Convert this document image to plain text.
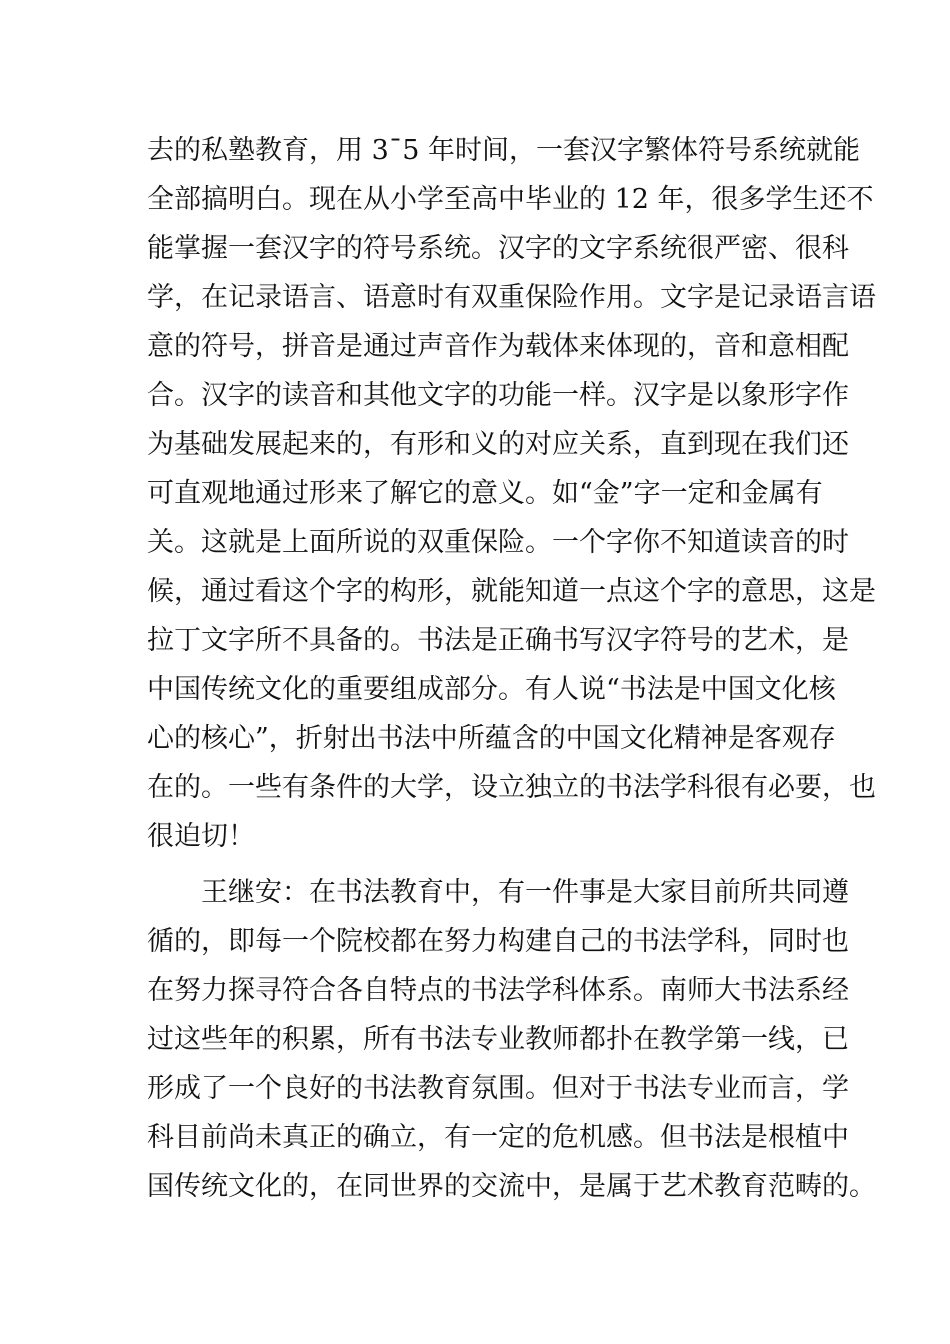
去的私塾教育，用 3¯5 年时间，一套汉字繁体符号系统就能
全部搞明白。现在从小学至高中毕业的 12 年，很多学生还不
能掌握一套汉字的符号系统。汉字的文字系统很严密、很科
学，在记录语言、语意时有双重保险作用。文字是记录语言语
意的符号，拼音是通过声音作为载体来体现的，音和意相配
合。汉字的读音和其他文字的功能一样。汉字是以象形字作
为基础发展起来的，有形和义的对应关系，直到现在我们还
可直观地通过形来了解它的意义。如“金”字一定和金属有
关。这就是上面所说的双重保险。一个字你不知道读音的时
候，通过看这个字的构形，就能知道一点这个字的意思，这是
拉丁文字所不具备的。书法是正确书写汉字符号的艺术，是
中国传统文化的重要组成部分。有人说“书法是中国文化核
心的核心”，折射出书法中所蕴含的中国文化精神是客观存
在的。一些有条件的大学，设立独立的书法学科很有必要，也
很迫切！
王继安：在书法教育中，有一件事是大家目前所共同遵
循的，即每一个院校都在努力构建自己的书法学科，同时也
在努力探寻符合各自特点的书法学科体系。南师大书法系经
过这些年的积累，所有书法专业教师都扑在教学第一线，已
形成了一个良好的书法教育氛围。但对于书法专业而言，学
科目前尚未真正的确立，有一定的危机感。但书法是根植中
国传统文化的，在同世界的交流中，是属于艺术教育范畴的。
